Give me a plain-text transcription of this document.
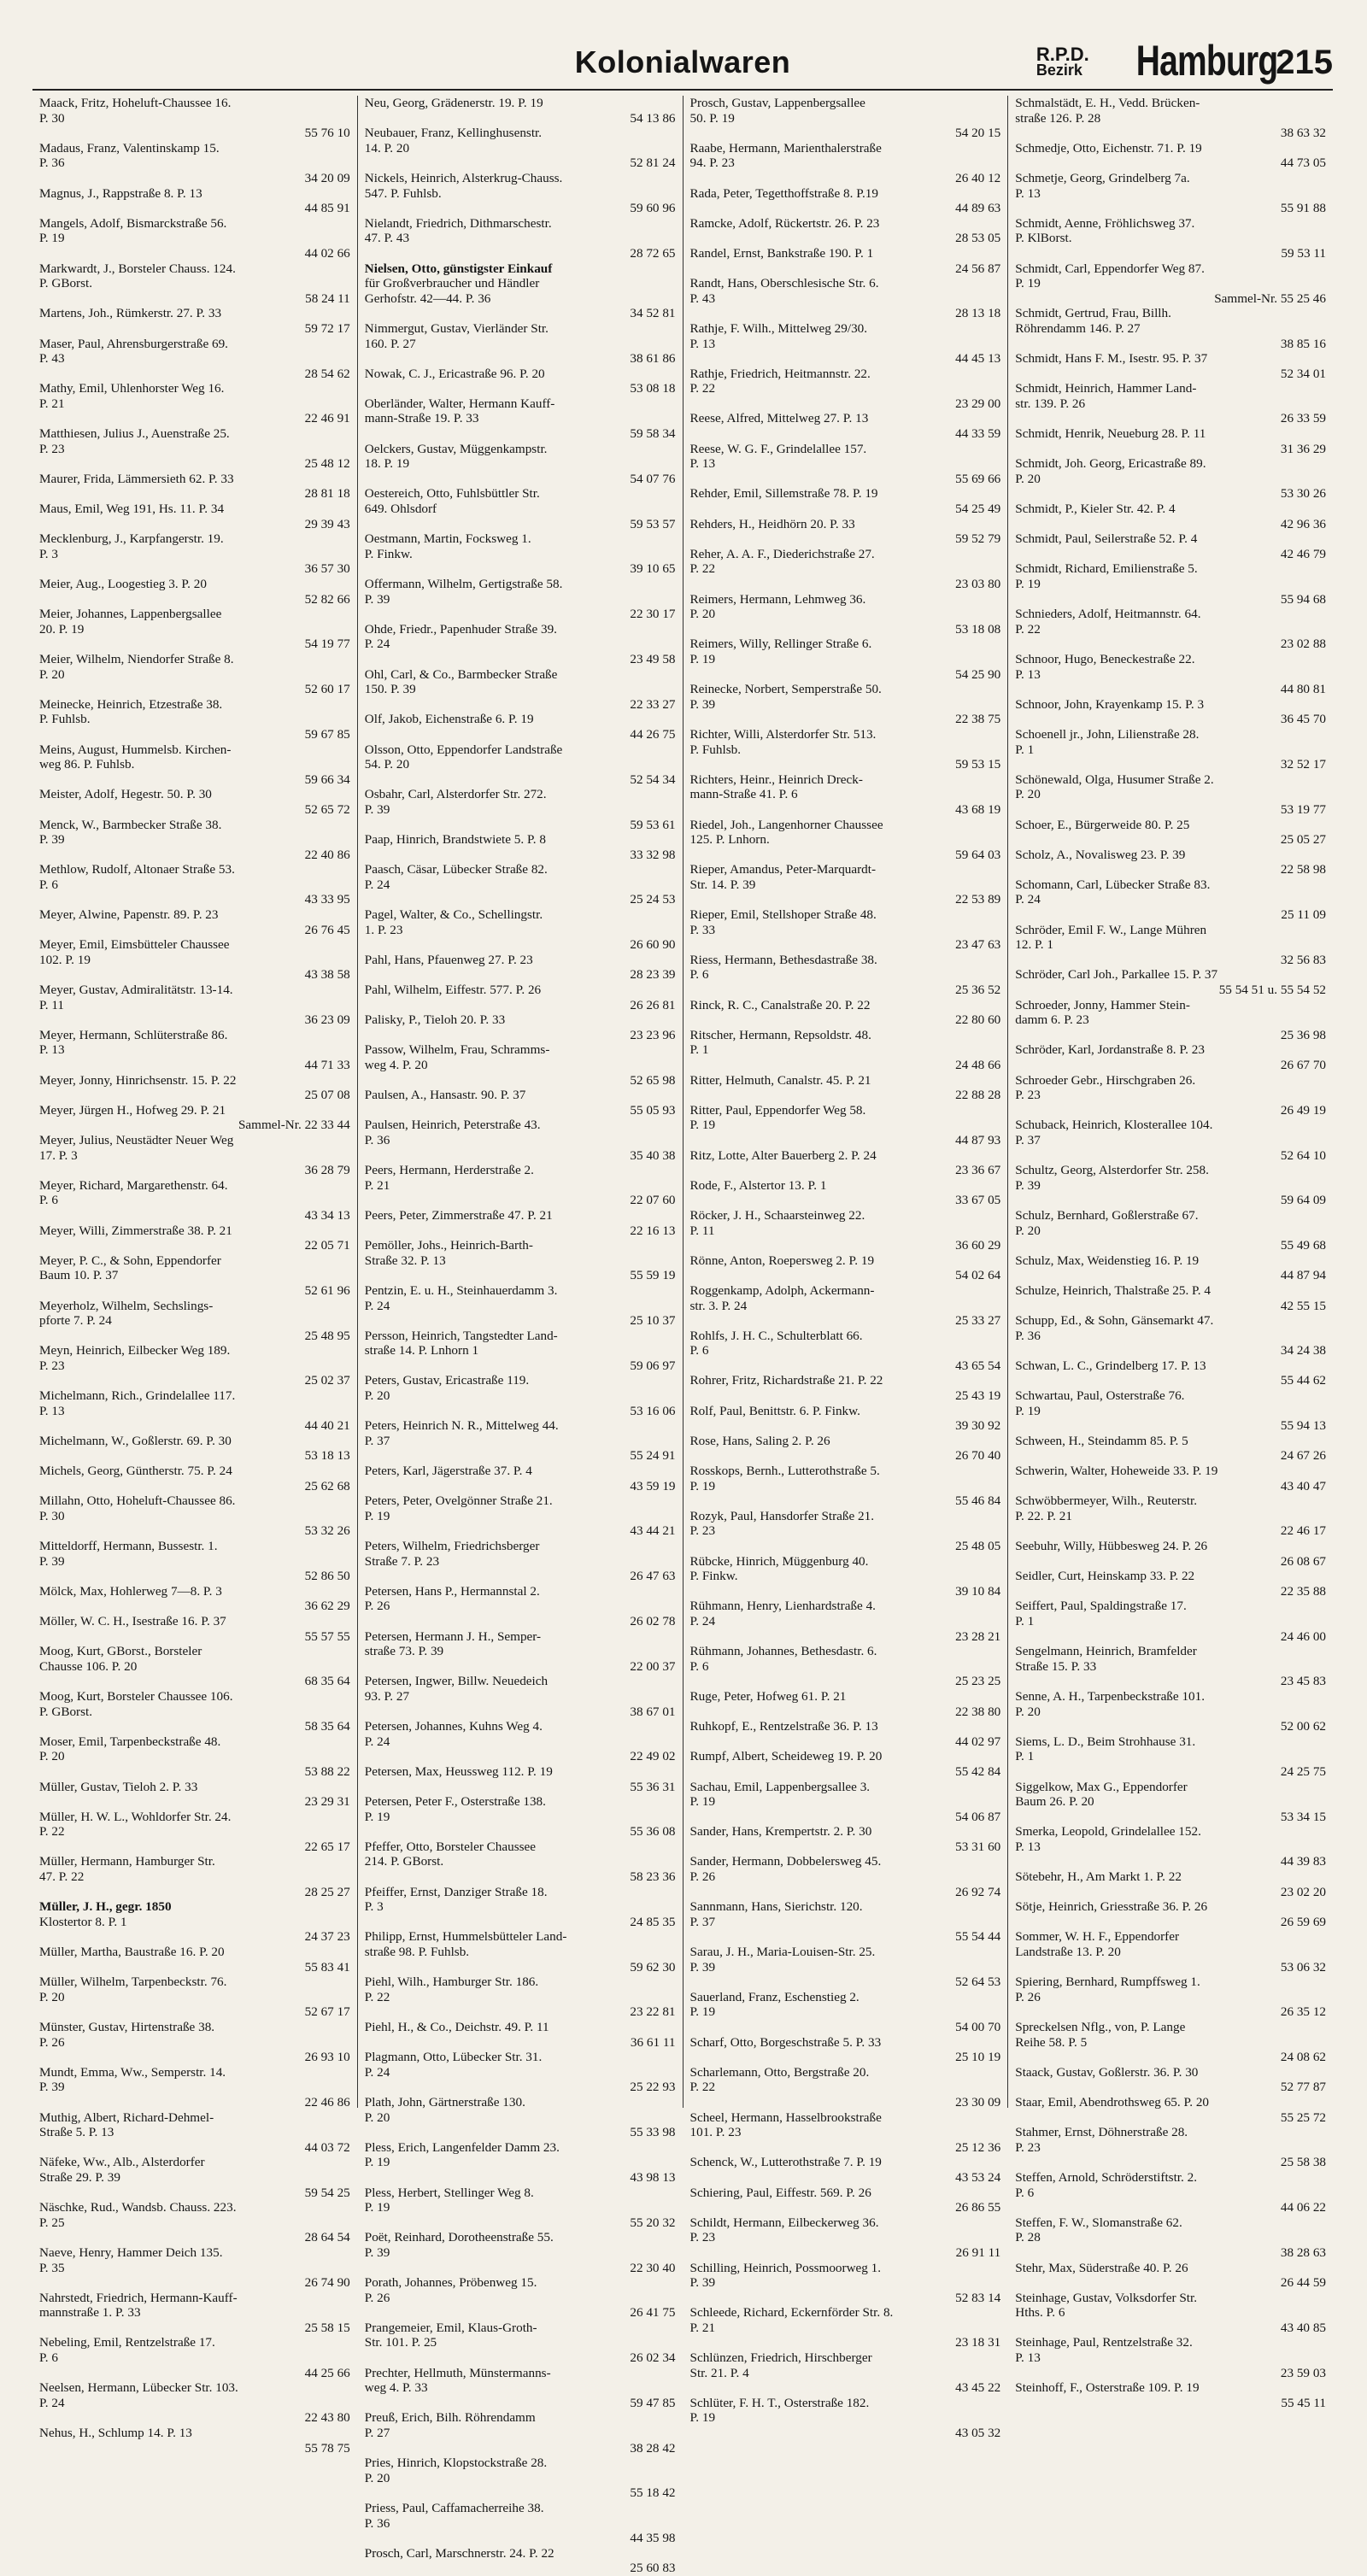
Kolonialwaren	R.P.D.
Bezirk Hamburg
215
Maack, Fritz, Hoheluft-Chaussee 16.
P. 30
55 76 10
Madaus, Franz, Valentinskamp 15.
P. 36
34 20 09
Magnus, J., Rappstraße 8. P. 13
44 85 91
Mangels, Adolf, Bismarckstraße 56.
P. 19
44 02 66
Markwardt, J., Borsteler Chauss. 124.
P. GBorst.
58 24 11
Martens, Joh., Rümkerstr. 27. P. 33
59 72 17
Maser, Paul, Ahrensburgerstraße 69.
P. 43
28 54 62
Mathy, Emil, Uhlenhorster Weg 16.
P. 21
22 46 91
Matthiesen, Julius J., Auenstraße 25.
P. 23
25 48 12
Maurer, Frida, Lämmersieth 62. P. 33
28 81 18
Maus, Emil, Weg 191, Hs. 11. P. 34
29 39 43
Mecklenburg, J., Karpfangerstr. 19.
P. 3
36 57 30
Meier, Aug., Loogestieg 3. P. 20
52 82 66
Meier, Johannes, Lappenbergsallee
20. P. 19
54 19 77
Meier, Wilhelm, Niendorfer Straße 8.
P. 20
52 60 17
Meinecke, Heinrich, Etzestraße 38.
P. Fuhlsb.
59 67 85
Meins, August, Hummelsb. Kirchen-
weg 86. P. Fuhlsb.
59 66 34
Meister, Adolf, Hegestr. 50. P. 30
52 65 72
Menck, W., Barmbecker Straße 38.
P. 39
22 40 86
Methlow, Rudolf, Altonaer Straße 53.
P. 6
43 33 95
Meyer, Alwine, Papenstr. 89. P. 23
26 76 45
Meyer, Emil, Eimsbütteler Chaussee
102. P. 19
43 38 58
Meyer, Gustav, Admiralitätstr. 13-14.
P. 11
36 23 09
Meyer, Hermann, Schlüterstraße 86.
P. 13
44 71 33
Meyer, Jonny, Hinrichsenstr. 15. P. 22
25 07 08
Meyer, Jürgen H., Hofweg 29. P. 21
Sammel-Nr. 22 33 44
Meyer, Julius, Neustädter Neuer Weg
17. P. 3
36 28 79
Meyer, Richard, Margarethenstr. 64.
P. 6
43 34 13
Meyer, Willi, Zimmerstraße 38. P. 21
22 05 71
Meyer, P. C., & Sohn, Eppendorfer
Baum 10. P. 37
52 61 96
Meyerholz, Wilhelm, Sechslings-
pforte 7. P. 24
25 48 95
Meyn, Heinrich, Eilbecker Weg 189.
P. 23
25 02 37
Michelmann, Rich., Grindelallee 117.
P. 13
44 40 21
Michelmann, W., Goßlerstr. 69. P. 30
53 18 13
Michels, Georg, Güntherstr. 75. P. 24
25 62 68
Millahn, Otto, Hoheluft-Chaussee 86.
P. 30
53 32 26
Mitteldorff, Hermann, Bussestr. 1.
P. 39
52 86 50
Mölck, Max, Hohlerweg 7—8. P. 3
36 62 29
Möller, W. C. H., Isestraße 16. P. 37
55 57 55
Moog, Kurt, GBorst., Borsteler
Chausse 106. P. 20
68 35 64
Moog, Kurt, Borsteler Chaussee 106.
P. GBorst.
58 35 64
Moser, Emil, Tarpenbeckstraße 48.
P. 20
53 88 22
Müller, Gustav, Tieloh 2. P. 33
23 29 31
Müller, H. W. L., Wohldorfer Str. 24.
P. 22
22 65 17
Müller, Hermann, Hamburger Str.
47. P. 22
28 25 27
Müller, J. H., gegr. 1850
Klostertor 8. P. 1
24 37 23
Müller, Martha, Baustraße 16. P. 20
55 83 41
Müller, Wilhelm, Tarpenbeckstr. 76.
P. 20
52 67 17
Münster, Gustav, Hirtenstraße 38.
P. 26
26 93 10
Mundt, Emma, Ww., Semperstr. 14.
P. 39
22 46 86
Muthig, Albert, Richard-Dehmel-
Straße 5. P. 13
44 03 72
Näfeke, Ww., Alb., Alsterdorfer
Straße 29. P. 39
59 54 25
Näschke, Rud., Wandsb. Chauss. 223.
P. 25
28 64 54
Naeve, Henry, Hammer Deich 135.
P. 35
26 74 90
Nahrstedt, Friedrich, Hermann-Kauff-
mannstraße 1. P. 33
25 58 15
Nebeling, Emil, Rentzelstraße 17.
P. 6
44 25 66
Neelsen, Hermann, Lübecker Str. 103.
P. 24
22 43 80
Nehus, H., Schlump 14. P. 13
55 78 75
Neu, Georg, Grädenerstr. 19. P. 19
54 13 86
Neubauer, Franz, Kellinghusenstr.
14. P. 20
52 81 24
Nickels, Heinrich, Alsterkrug-Chauss.
547. P. Fuhlsb.
59 60 96
Nielandt, Friedrich, Dithmarschestr.
47. P. 43
28 72 65
Nielsen, Otto, günstigster Einkauf
für Großverbraucher und Händler
Gerhofstr. 42—44. P. 36
34 52 81
Nimmergut, Gustav, Vierländer Str.
160. P. 27
38 61 86
Nowak, C. J., Ericastraße 96. P. 20
53 08 18
Oberländer, Walter, Hermann Kauff-
mann-Straße 19. P. 33
59 58 34
Oelckers, Gustav, Müggenkampstr.
18. P. 19
54 07 76
Oestereich, Otto, Fuhlsbüttler Str.
649. Ohlsdorf
59 53 57
Oestmann, Martin, Focksweg 1.
P. Finkw.
39 10 65
Offermann, Wilhelm, Gertigstraße 58.
P. 39
22 30 17
Ohde, Friedr., Papenhuder Straße 39.
P. 24
23 49 58
Ohl, Carl, & Co., Barmbecker Straße
150. P. 39
22 33 27
Olf, Jakob, Eichenstraße 6. P. 19
44 26 75
Olsson, Otto, Eppendorfer Landstraße
54. P. 20
52 54 34
Osbahr, Carl, Alsterdorfer Str. 272.
P. 39
59 53 61
Paap, Hinrich, Brandstwiete 5. P. 8
33 32 98
Paasch, Cäsar, Lübecker Straße 82.
P. 24
25 24 53
Pagel, Walter, & Co., Schellingstr.
1. P. 23
26 60 90
Pahl, Hans, Pfauenweg 27. P. 23
28 23 39
Pahl, Wilhelm, Eiffestr. 577. P. 26
26 26 81
Palisky, P., Tieloh 20. P. 33
23 23 96
Passow, Wilhelm, Frau, Schramms-
weg 4. P. 20
52 65 98
Paulsen, A., Hansastr. 90. P. 37
55 05 93
Paulsen, Heinrich, Peterstraße 43.
P. 36
35 40 38
Peers, Hermann, Herderstraße 2.
P. 21
22 07 60
Peers, Peter, Zimmerstraße 47. P. 21
22 16 13
Pemöller, Johs., Heinrich-Barth-
Straße 32. P. 13
55 59 19
Pentzin, E. u. H., Steinhauerdamm 3.
P. 24
25 10 37
Persson, Heinrich, Tangstedter Land-
straße 14. P. Lnhorn 1
59 06 97
Peters, Gustav, Ericastraße 119.
P. 20
53 16 06
Peters, Heinrich N. R., Mittelweg 44.
P. 37
55 24 91
Peters, Karl, Jägerstraße 37. P. 4
43 59 19
Peters, Peter, Ovelgönner Straße 21.
P. 19
43 44 21
Peters, Wilhelm, Friedrichsberger
Straße 7. P. 23
26 47 63
Petersen, Hans P., Hermannstal 2.
P. 26
26 02 78
Petersen, Hermann J. H., Semper-
straße 73. P. 39
22 00 37
Petersen, Ingwer, Billw. Neuedeich
93. P. 27
38 67 01
Petersen, Johannes, Kuhns Weg 4.
P. 24
22 49 02
Petersen, Max, Heussweg 112. P. 19
55 36 31
Petersen, Peter F., Osterstraße 138.
P. 19
55 36 08
Pfeffer, Otto, Borsteler Chaussee
214. P. GBorst.
58 23 36
Pfeiffer, Ernst, Danziger Straße 18.
P. 3
24 85 35
Philipp, Ernst, Hummelsbütteler Land-
straße 98. P. Fuhlsb.
59 62 30
Piehl, Wilh., Hamburger Str. 186.
P. 22
23 22 81
Piehl, H., & Co., Deichstr. 49. P. 11
36 61 11
Plagmann, Otto, Lübecker Str. 31.
P. 24
25 22 93
Plath, John, Gärtnerstraße 130.
P. 20
55 33 98
Pless, Erich, Langenfelder Damm 23.
P. 19
43 98 13
Pless, Herbert, Stellinger Weg 8.
P. 19
55 20 32
Poët, Reinhard, Dorotheenstraße 55.
P. 39
22 30 40
Porath, Johannes, Pröbenweg 15.
P. 26
26 41 75
Prangemeier, Emil, Klaus-Groth-
Str. 101. P. 25
26 02 34
Prechter, Hellmuth, Münstermanns-
weg 4. P. 33
59 47 85
Preuß, Erich, Bilh. Röhrendamm
P. 27
38 28 42
Pries, Hinrich, Klopstockstraße 28.
P. 20
55 18 42
Priess, Paul, Caffamacherreihe 38.
P. 36
44 35 98
Prosch, Carl, Marschnerstr. 24. P. 22
25 60 83
Prosch, Gustav, Lappenbergsallee
50. P. 19
54 20 15
Raabe, Hermann, Marienthalerstraße
94. P. 23
26 40 12
Rada, Peter, Tegetthoffstraße 8. P.19
44 89 63
Ramcke, Adolf, Rückertstr. 26. P. 23
28 53 05
Randel, Ernst, Bankstraße 190. P. 1
24 56 87
Randt, Hans, Oberschlesische Str. 6.
P. 43
28 13 18
Rathje, F. Wilh., Mittelweg 29/30.
P. 13
44 45 13
Rathje, Friedrich, Heitmannstr. 22.
P. 22
23 29 00
Reese, Alfred, Mittelweg 27. P. 13
44 33 59
Reese, W. G. F., Grindelallee 157.
P. 13
55 69 66
Rehder, Emil, Sillemstraße 78. P. 19
54 25 49
Rehders, H., Heidhörn 20. P. 33
59 52 79
Reher, A. A. F., Diederichstraße 27.
P. 22
23 03 80
Reimers, Hermann, Lehmweg 36.
P. 20
53 18 08
Reimers, Willy, Rellinger Straße 6.
P. 19
54 25 90
Reinecke, Norbert, Semperstraße 50.
P. 39
22 38 75
Richter, Willi, Alsterdorfer Str. 513.
P. Fuhlsb.
59 53 15
Richters, Heinr., Heinrich Dreck-
mann-Straße 41. P. 6
43 68 19
Riedel, Joh., Langenhorner Chaussee
125. P. Lnhorn.
59 64 03
Rieper, Amandus, Peter-Marquardt-
Str. 14. P. 39
22 53 89
Rieper, Emil, Stellshoper Straße 48.
P. 33
23 47 63
Riess, Hermann, Bethesdastraße 38.
P. 6
25 36 52
Rinck, R. C., Canalstraße 20. P. 22
22 80 60
Ritscher, Hermann, Repsoldstr. 48.
P. 1
24 48 66
Ritter, Helmuth, Canalstr. 45. P. 21
22 88 28
Ritter, Paul, Eppendorfer Weg 58.
P. 19
44 87 93
Ritz, Lotte, Alter Bauerberg 2. P. 24
23 36 67
Rode, F., Alstertor 13. P. 1
33 67 05
Röcker, J. H., Schaarsteinweg 22.
P. 11
36 60 29
Rönne, Anton, Roepersweg 2. P. 19
54 02 64
Roggenkamp, Adolph, Ackermann-
str. 3. P. 24
25 33 27
Rohlfs, J. H. C., Schulterblatt 66.
P. 6
43 65 54
Rohrer, Fritz, Richardstraße 21. P. 22
25 43 19
Rolf, Paul, Benittstr. 6. P. Finkw.
39 30 92
Rose, Hans, Saling 2. P. 26
26 70 40
Rosskops, Bernh., Lutterothstraße 5.
P. 19
55 46 84
Rozyk, Paul, Hansdorfer Straße 21.
P. 23
25 48 05
Rübcke, Hinrich, Müggenburg 40.
P. Finkw.
39 10 84
Rühmann, Henry, Lienhardstraße 4.
P. 24
23 28 21
Rühmann, Johannes, Bethesdastr. 6.
P. 6
25 23 25
Ruge, Peter, Hofweg 61. P. 21
22 38 80
Ruhkopf, E., Rentzelstraße 36. P. 13
44 02 97
Rumpf, Albert, Scheideweg 19. P. 20
55 42 84
Sachau, Emil, Lappenbergsallee 3.
P. 19
54 06 87
Sander, Hans, Krempertstr. 2. P. 30
53 31 60
Sander, Hermann, Dobbelersweg 45.
P. 26
26 92 74
Sannmann, Hans, Sierichstr. 120.
P. 37
55 54 44
Sarau, J. H., Maria-Louisen-Str. 25.
P. 39
52 64 53
Sauerland, Franz, Eschenstieg 2.
P. 19
54 00 70
Scharf, Otto, Borgeschstraße 5. P. 33
25 10 19
Scharlemann, Otto, Bergstraße 20.
P. 22
23 30 09
Scheel, Hermann, Hasselbrookstraße
101. P. 23
25 12 36
Schenck, W., Lutterothstraße 7. P. 19
43 53 24
Schiering, Paul, Eiffestr. 569. P. 26
26 86 55
Schildt, Hermann, Eilbeckerweg 36.
P. 23
26 91 11
Schilling, Heinrich, Possmoorweg 1.
P. 39
52 83 14
Schleede, Richard, Eckernförder Str. 8.
P. 21
23 18 31
Schlünzen, Friedrich, Hirschberger
Str. 21. P. 4
43 45 22
Schlüter, F. H. T., Osterstraße 182.
P. 19
43 05 32
Schmalstädt, E. H., Vedd. Brücken-
straße 126. P. 28
38 63 32
Schmedje, Otto, Eichenstr. 71. P. 19
44 73 05
Schmetje, Georg, Grindelberg 7a.
P. 13
55 91 88
Schmidt, Aenne, Fröhlichsweg 37.
P. KlBorst.
59 53 11
Schmidt, Carl, Eppendorfer Weg 87.
P. 19
Sammel-Nr. 55 25 46
Schmidt, Gertrud, Frau, Billh.
Röhrendamm 146. P. 27
38 85 16
Schmidt, Hans F. M., Isestr. 95. P. 37
52 34 01
Schmidt, Heinrich, Hammer Land-
str. 139. P. 26
26 33 59
Schmidt, Henrik, Neueburg 28. P. 11
31 36 29
Schmidt, Joh. Georg, Ericastraße 89.
P. 20
53 30 26
Schmidt, P., Kieler Str. 42. P. 4
42 96 36
Schmidt, Paul, Seilerstraße 52. P. 4
42 46 79
Schmidt, Richard, Emilienstraße 5.
P. 19
55 94 68
Schnieders, Adolf, Heitmannstr. 64.
P. 22
23 02 88
Schnoor, Hugo, Beneckestraße 22.
P. 13
44 80 81
Schnoor, John, Krayenkamp 15. P. 3
36 45 70
Schoenell jr., John, Lilienstraße 28.
P. 1
32 52 17
Schönewald, Olga, Husumer Straße 2.
P. 20
53 19 77
Schoer, E., Bürgerweide 80. P. 25
25 05 27
Scholz, A., Novalisweg 23. P. 39
22 58 98
Schomann, Carl, Lübecker Straße 83.
P. 24
25 11 09
Schröder, Emil F. W., Lange Mühren
12. P. 1
32 56 83
Schröder, Carl Joh., Parkallee 15. P. 37
55 54 51 u. 55 54 52
Schroeder, Jonny, Hammer Stein-
damm 6. P. 23
25 36 98
Schröder, Karl, Jordanstraße 8. P. 23
26 67 70
Schroeder Gebr., Hirschgraben 26.
P. 23
26 49 19
Schuback, Heinrich, Klosterallee 104.
P. 37
52 64 10
Schultz, Georg, Alsterdorfer Str. 258.
P. 39
59 64 09
Schulz, Bernhard, Goßlerstraße 67.
P. 20
55 49 68
Schulz, Max, Weidenstieg 16. P. 19
44 87 94
Schulze, Heinrich, Thalstraße 25. P. 4
42 55 15
Schupp, Ed., & Sohn, Gänsemarkt 47.
P. 36
34 24 38
Schwan, L. C., Grindelberg 17. P. 13
55 44 62
Schwartau, Paul, Osterstraße 76.
P. 19
55 94 13
Schween, H., Steindamm 85. P. 5
24 67 26
Schwerin, Walter, Hoheweide 33. P. 19
43 40 47
Schwöbbermeyer, Wilh., Reuterstr.
P. 22. P. 21
22 46 17
Seebuhr, Willy, Hübbesweg 24. P. 26
26 08 67
Seidler, Curt, Heinskamp 33. P. 22
22 35 88
Seiffert, Paul, Spaldingstraße 17.
P. 1
24 46 00
Sengelmann, Heinrich, Bramfelder
Straße 15. P. 33
23 45 83
Senne, A. H., Tarpenbeckstraße 101.
P. 20
52 00 62
Siems, L. D., Beim Strohhause 31.
P. 1
24 25 75
Siggelkow, Max G., Eppendorfer
Baum 26. P. 20
53 34 15
Smerka, Leopold, Grindelallee 152.
P. 13
44 39 83
Sötebehr, H., Am Markt 1. P. 22
23 02 20
Sötje, Heinrich, Griesstraße 36. P. 26
26 59 69
Sommer, W. H. F., Eppendorfer
Landstraße 13. P. 20
53 06 32
Spiering, Bernhard, Rumpffsweg 1.
P. 26
26 35 12
Spreckelsen Nflg., von, P. Lange
Reihe 58. P. 5
24 08 62
Staack, Gustav, Goßlerstr. 36. P. 30
52 77 87
Staar, Emil, Abendrothsweg 65. P. 20
55 25 72
Stahmer, Ernst, Döhnerstraße 28.
P. 23
25 58 38
Steffen, Arnold, Schröderstiftstr. 2.
P. 6
44 06 22
Steffen, F. W., Slomanstraße 62.
P. 28
38 28 63
Stehr, Max, Süderstraße 40. P. 26
26 44 59
Steinhage, Gustav, Volksdorfer Str.
Hths. P. 6
43 40 85
Steinhage, Paul, Rentzelstraße 32.
P. 13
23 59 03
Steinhoff, F., Osterstraße 109. P. 19
55 45 11
